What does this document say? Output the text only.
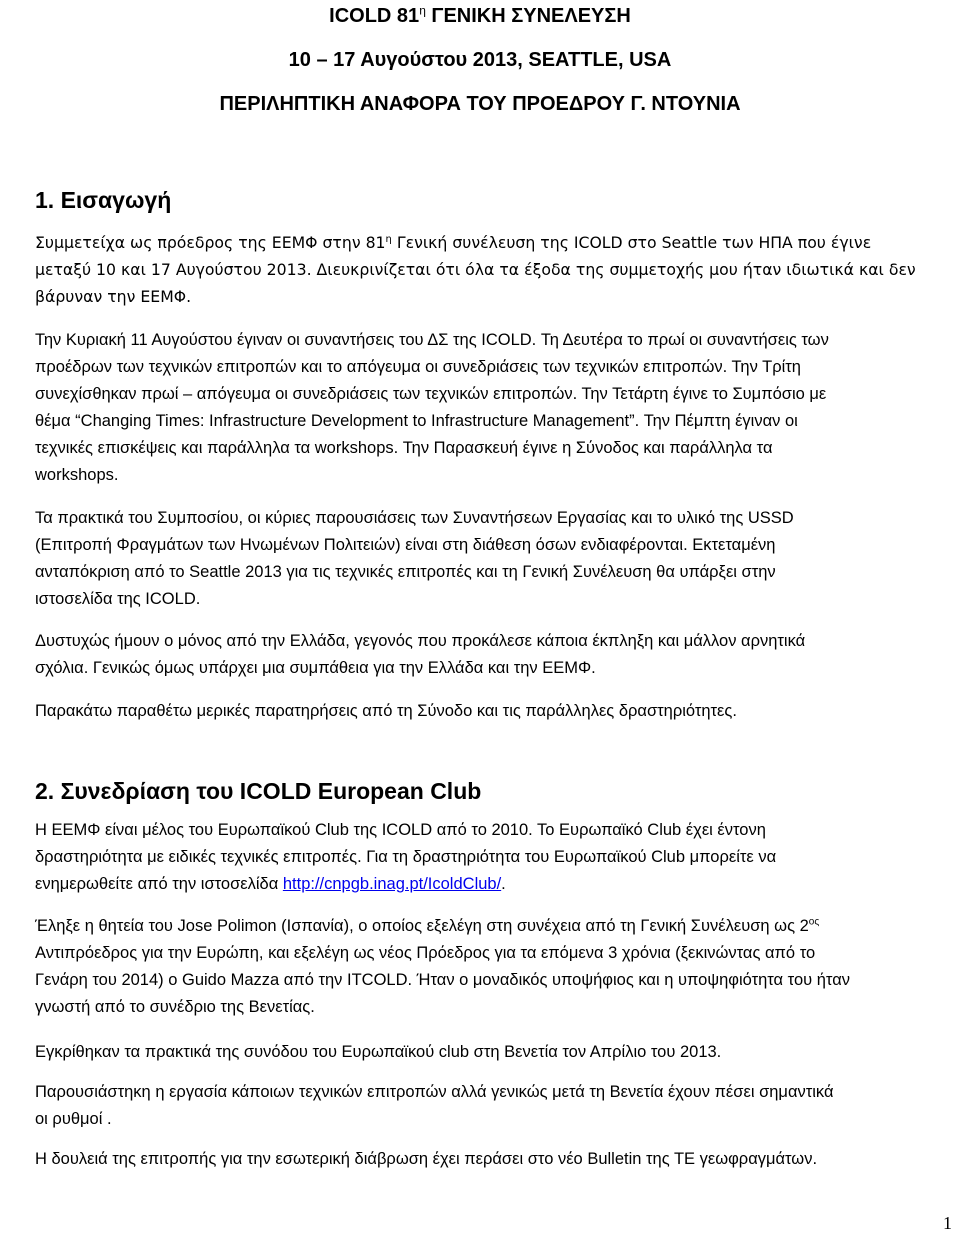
ICOLD $81^\eta$ ΓΕΝΙΚΗ ΣΥΝΕΛΕΥΣΗ
10 – 17 Αυγούστου 2013, SEATTLE, USA
ΠΕΡΙΛΗΠΤΙΚΗ ΑΝΑΦΟΡΑ ΤΟΥ ΠΡΟΕΔΡΟΥ Γ. ΝΤΟΥΝΙΑ
1. Εισαγωγή
Συμμετείχα ως πρόεδρος της ΕΕΜΦ στην $81^\eta$ Γενική συνέλευση της ICOLD στο Seattle των ΗΠΑ που έγινε
μεταξύ 10 και 17 Αυγούστου 2013. Διευκρινίζεται ότι όλα τα έξοδα της συμμετοχής μου ήταν ιδιωτικά και δεν
βάρυναν την ΕΕΜΦ.
Την Κυριακή 11 Αυγούστου έγιναν οι συναντήσεις του ΔΣ της ICOLD. Τη Δευτέρα το πρωί οι συναντήσεις των
προέδρων των τεχνικών επιτροπών και το απόγευμα οι συνεδριάσεις των τεχνικών επιτροπών. Την Τρίτη
συνεχίσθηκαν πρωί – απόγευμα οι συνεδριάσεις των τεχνικών επιτροπών. Την Τετάρτη έγινε το Συμπόσιο με
θέμα “Changing Times: Infrastructure Development to Infrastructure Management”. Την Πέμπτη έγιναν οι
τεχνικές επισκέψεις και παράλληλα τα workshops. Την Παρασκευή έγινε η Σύνοδος και παράλληλα τα
workshops.
Τα πρακτικά του Συμποσίου, οι κύριες παρουσιάσεις των Συναντήσεων Εργασίας και το υλικό της USSD
(Επιτροπή Φραγμάτων των Ηνωμένων Πολιτειών) είναι στη διάθεση όσων ενδιαφέρονται. Εκτεταμένη
ανταπόκριση από το Seattle 2013 για τις τεχνικές επιτροπές και τη Γενική Συνέλευση θα υπάρξει στην
ιστοσελίδα της ICOLD.
Δυστυχώς ήμουν ο μόνος από την Ελλάδα, γεγονός που προκάλεσε κάποια έκπληξη και μάλλον αρνητικά
σχόλια. Γενικώς όμως υπάρχει μια συμπάθεια για την Ελλάδα και την ΕΕΜΦ.
Παρακάτω παραθέτω μερικές παρατηρήσεις από τη Σύνοδο και τις παράλληλες δραστηριότητες.
2. Συνεδρίαση του ICOLD European Club
Η ΕΕΜΦ είναι μέλος του Ευρωπαϊκού Club της ICOLD από το 2010. Το Ευρωπαϊκό Club έχει έντονη
δραστηριότητα με ειδικές τεχνικές επιτροπές. Για τη δραστηριότητα του Ευρωπαϊκού Club μπορείτε να
ενημερωθείτε από την ιστοσελίδα http://cnpgb.inag.pt/IcoldClub/.
Έληξε η θητεία του Jose Polimon (Ισπανία), ο οποίος εξελέγη στη συνέχεια από τη Γενική Συνέλευση ως $2^{o\varsigma}$
Αντιπρόεδρος για την Ευρώπη, και εξελέγη ως νέος Πρόεδρος για τα επόμενα 3 χρόνια (ξεκινώντας από το
Γενάρη του 2014) ο Guido Mazza από την ITCOLD. Ήταν ο μοναδικός υποψήφιος και η υποψηφιότητα του ήταν
γνωστή από το συνέδριο της Βενετίας.
Εγκρίθηκαν τα πρακτικά της συνόδου του Ευρωπαϊκού club στη Βενετία τον Απρίλιο του 2013.
Παρουσιάστηκη η εργασία κάποιων τεχνικών επιτροπών αλλά γενικώς μετά τη Βενετία έχουν πέσει σημαντικά
οι ρυθμοί .
Η δουλειά της επιτροπής για την εσωτερική διάβρωση έχει περάσει στο νέο Bulletin της ΤΕ γεωφραγμάτων.
1
